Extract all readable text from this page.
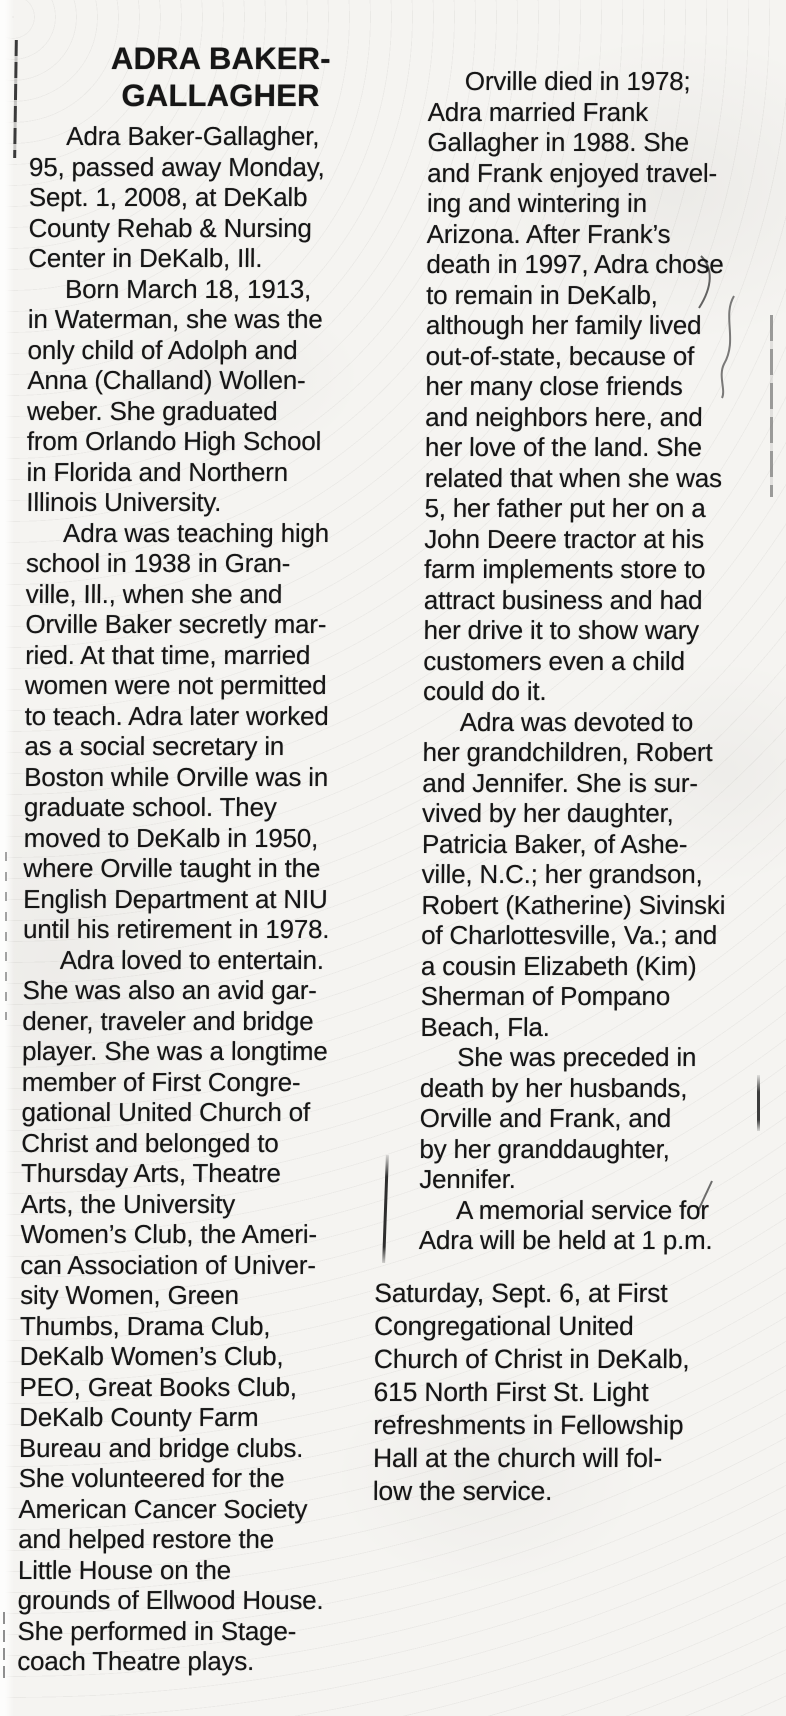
ADRA BAKER-
GALLAGHER

Adra Baker-Gallagher,
95, passed away Monday,
Sept. 1, 2008, at DeKalb
County Rehab & Nursing
Center in DeKalb, Ill.

Born March 18, 1913,
in Waterman, she was the
only child of Adolph and
Anna (Challand) Wollen-
weber. She graduated
from Orlando High School
in Florida and Northern
Illinois University.

Adra was teaching high
school in 1938 in Gran-
ville, Ill., when she and
Orville Baker secretly mar-
ried. At that time, married
women were not permitted
to teach. Adra later worked
as a social secretary in
Boston while Orville was in
graduate school. They
moved to DeKalb in 1950,
where Orville taught in the
English Department at NIU
until his retirement in 1978.

Adra loved to entertain.
She was also an avid gar-
dener, traveler and bridge
player. She was a longtime
member of First Congre-
gational United Church of
Christ and belonged to
Thursday Arts, Theatre
Arts, the University
Women’s Club, the Ameri-
can Association of Univer-
sity Women, Green
Thumbs, Drama Club,
DeKalb Women’s Club,
PEO, Great Books Club,
DeKalb County Farm
Bureau and bridge clubs.
She volunteered for the
American Cancer Society
and helped restore the
Little House on the
grounds of Ellwood House.
She performed in Stage-
coach Theatre plays.

Orville died in 1978;
Adra married Frank
Gallagher in 1988. She
and Frank enjoyed travel-
ing and wintering in
Arizona. After Frank’s
death in 1997, Adra chose
to remain in DeKalb,
although her family lived
out-of-state, because of
her many close friends
and neighbors here, and
her love of the land. She
related that when she was
5, her father put her on a
John Deere tractor at his
farm implements store to
attract business and had
her drive it to show wary
customers even a child
could do it.

Adra was devoted to
her grandchildren, Robert
and Jennifer. She is sur-
vived by her daughter,
Patricia Baker, of Ashe-
ville, N.C.; her grandson,
Robert (Katherine) Sivinski
of Charlottesville, Va.; and
a cousin Elizabeth (Kim)
Sherman of Pompano
Beach, Fla.

She was preceded in
death by her husbands,
Orville and Frank, and
by her granddaughter,
Jennifer.

A memorial service for
Adra will be held at 1 p.m.

Saturday, Sept. 6, at First
Congregational United
Church of Christ in DeKalb,
615 North First St. Light
refreshments in Fellowship
Hall at the church will fol-
low the service.
